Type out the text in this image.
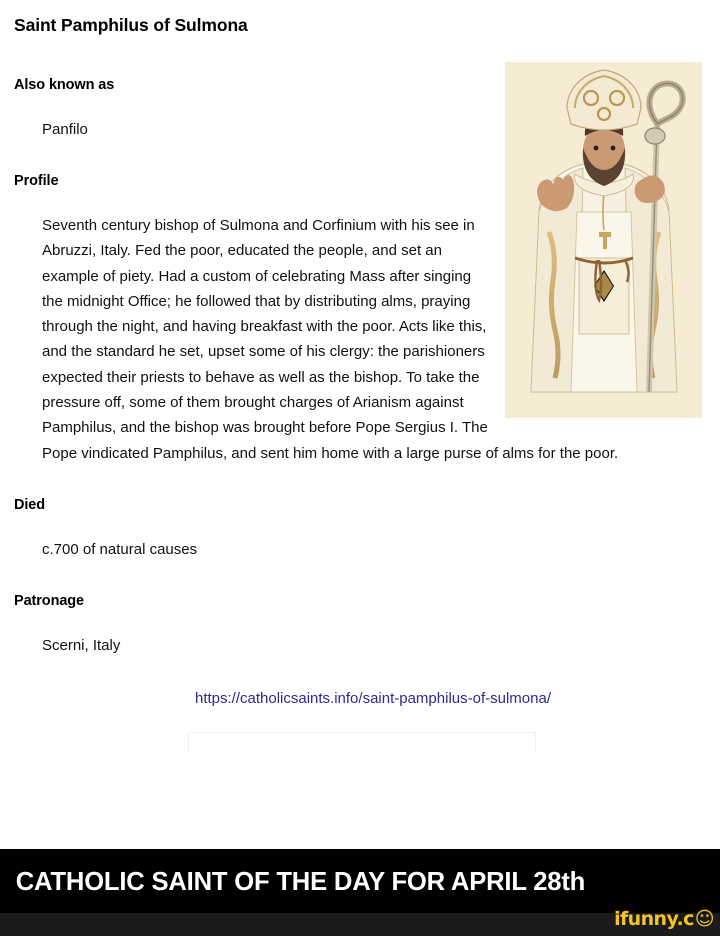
Saint Pamphilus of Sulmona
Also known as
Panfilo
Profile

Seventh century bishop of Sulmona and Corfinium with his see in Abruzzi, Italy. Fed the poor, educated the people, and set an example of piety. Had a custom of celebrating Mass after singing the midnight Office; he followed that by distributing alms, praying through the night, and having breakfast with the poor. Acts like this, and the standard he set, upset some of his clergy: the parishioners expected their priests to behave as well as the bishop. To take the pressure off, some of them brought charges of Arianism against Pamphilus, and the bishop was brought before Pope Sergius I. The Pope vindicated Pamphilus, and sent him home with a large purse of alms for the poor.

Died
c.700 of natural causes
Patronage
Scerni, Italy
https://catholicsaints.info/saint-pamphilus-of-sulmona/
CATHOLIC SAINT OF THE DAY FOR APRIL 28th
ifunny.c ☺
